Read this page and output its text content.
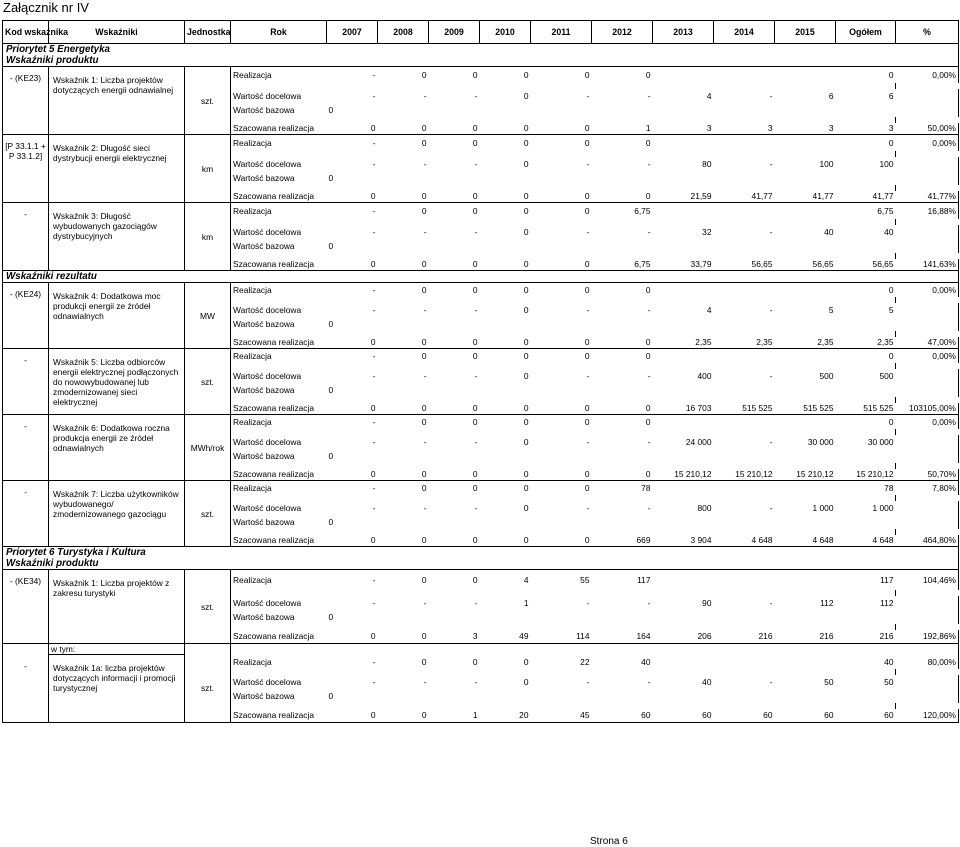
Załącznik nr IV
Kod wskaźnika	Wskaźniki	Jednostka	Rok	2007	2008	2009	2010	2011	2012	2013	2014	2015	Ogółem	%
Priorytet 5 Energetyka														
Wskaźniki produktu														
- (KE23)	Wskaźnik 1: Liczba projektów dotyczących energii odnawialnej	szt.	Realizacja	-	0	0	0	0	0				0	0,00%

			Wartość docelowa	-	-	-	0	-	-	4	-	6	6	
			Wartość bazowa	0										

			Szacowana realizacja	0	0	0	0	0	1	3	3	3	3	50,00%
[P 33.1.1 + P 33.1.2]	Wskaźnik 2: Długość sieci dystrybucji energii elektrycznej	km	Realizacja	-	0	0	0	0	0				0	0,00%

			Wartość docelowa	-	-	-	0	-	-	80	-	100	100	
			Wartość bazowa	0										

			Szacowana realizacja	0	0	0	0	0	0	21,59	41,77	41,77	41,77	41,77%
-	Wskaźnik 3: Długość wybudowanych gazociągów dystrybucyjnych	km	Realizacja	-	0	0	0	0	6,75				6,75	16,88%

			Wartość docelowa	-	-	-	0	-	-	32	-	40	40	
			Wartość bazowa	0										

			Szacowana realizacja	0	0	0	0	0	6,75	33,79	56,65	56,65	56,65	141,63%
Wskaźniki rezultatu														
- (KE24)	Wskaźnik 4: Dodatkowa moc produkcji energii ze źródeł odnawialnych	MW	Realizacja	-	0	0	0	0	0				0	0,00%

			Wartość docelowa	-	-	-	0	-	-	4	-	5	5	
			Wartość bazowa	0										

			Szacowana realizacja	0	0	0	0	0	0	2,35	2,35	2,35	2,35	47,00%
-	Wskaźnik 5: Liczba odbiorców energii elektrycznej podłączonych do nowowybudowanej lub zmodernizowanej sieci elektrycznej	szt.	Realizacja	-	0	0	0	0	0				0	0,00%

			Wartość docelowa	-	-	-	0	-	-	400	-	500	500	
			Wartość bazowa	0										

			Szacowana realizacja	0	0	0	0	0	0	16 703	515 525	515 525	515 525	103105,00%
-	Wskaźnik 6: Dodatkowa roczna produkcja energii ze źródeł odnawialnych	MWh/rok	Realizacja	-	0	0	0	0	0				0	0,00%

			Wartość docelowa	-	-	-	0	-	-	24 000	-	30 000	30 000	
			Wartość bazowa	0										

			Szacowana realizacja	0	0	0	0	0	0	15 210,12	15 210,12	15 210,12	15 210,12	50,70%
-	Wskaźnik 7: Liczba użytkowników wybudowanego/ zmodernizowanego gazociągu	szt.	Realizacja	-	0	0	0	0	78				78	7,80%

			Wartość docelowa	-	-	-	0	-	-	800	-	1 000	1 000	
			Wartość bazowa	0										

			Szacowana realizacja	0	0	0	0	0	669	3 904	4 648	4 648	4 648	464,80%
Priorytet 6 Turystyka i Kultura														
Wskaźniki produktu														
- (KE34)	Wskaźnik 1: Liczba projektów z zakresu turystyki	szt.	Realizacja	-	0	0	4	55	117				117	104,46%

			Wartość docelowa	-	-	-	1	-	-	90	-	112	112	
			Wartość bazowa	0										

			Szacowana realizacja	0	0	3	49	114	164	206	216	216	216	192,86%
	w tym:													
-	Wskaźnik 1a: liczba projektów dotyczących informacji i promocji turystycznej	szt.	Realizacja	-	0	0	0	22	40				40	80,00%

			Wartość docelowa	-	-	-	0	-	-	40	-	50	50	
			Wartość bazowa	0										

			Szacowana realizacja	0	0	1	20	45	60	60	60	60	60	120,00%
Strona 6
